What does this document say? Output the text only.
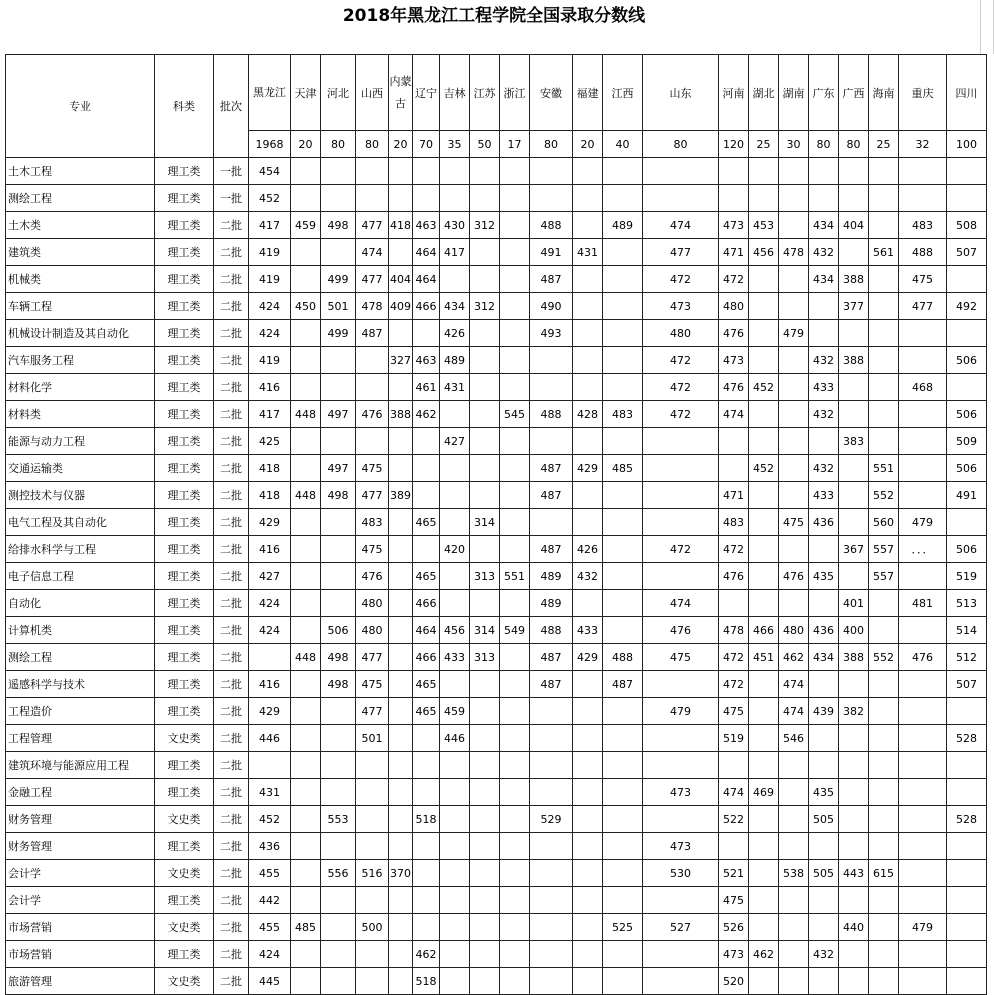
2018年黑龙江工程学院全国录取分数线
专业	科类	批次	黑龙江	天津	河北	山西	内蒙古	辽宁	吉林	江苏	浙江	安徽	福建	江西	山东	河南	湖北	湖南	广东	广西	海南	重庆	四川
			1968	20	80	80	20	70	35	50	17	80	20	40	80	120	25	30	80	80	25	32	100
土木工程	理工类	一批	454																				
测绘工程	理工类	一批	452																				
土木类	理工类	二批	417	459	498	477	418	463	430	312		488		489	474	473	453		434	404		483	508
建筑类	理工类	二批	419			474		464	417			491	431		477	471	456	478	432		561	488	507
机械类	理工类	二批	419		499	477	404	464				487			472	472			434	388		475	
车辆工程	理工类	二批	424	450	501	478	409	466	434	312		490			473	480				377		477	492
机械设计制造及其自动化	理工类	二批	424		499	487			426			493			480	476		479					
汽车服务工程	理工类	二批	419				327	463	489						472	473			432	388			506
材料化学	理工类	二批	416					461	431						472	476	452		433			468	
材料类	理工类	二批	417	448	497	476	388	462			545	488	428	483	472	474			432				506
能源与动力工程	理工类	二批	425						427											383			509
交通运输类	理工类	二批	418		497	475						487	429	485			452		432		551		506
测控技术与仪器	理工类	二批	418	448	498	477	389					487				471			433		552		491
电气工程及其自动化	理工类	二批	429			483		465		314						483		475	436		560	479	
给排水科学与工程	理工类	二批	416			475			420			487	426		472	472				367	557	．．．	506
电子信息工程	理工类	二批	427			476		465		313	551	489	432			476		476	435		557		519
自动化	理工类	二批	424			480		466				489			474					401		481	513
计算机类	理工类	二批	424		506	480		464	456	314	549	488	433		476	478	466	480	436	400			514
测绘工程	理工类	二批		448	498	477		466	433	313		487	429	488	475	472	451	462	434	388	552	476	512
遥感科学与技术	理工类	二批	416		498	475		465				487		487		472		474					507
工程造价	理工类	二批	429			477		465	459						479	475		474	439	382			
工程管理	文史类	二批	446			501			446							519		546					528
建筑环境与能源应用工程	理工类	二批																					
金融工程	理工类	二批	431												473	474	469		435				
财务管理	文史类	二批	452		553			518				529				522			505				528
财务管理	理工类	二批	436												473								
会计学	文史类	二批	455		556	516	370								530	521		538	505	443	615		
会计学	理工类	二批	442													475							
市场营销	文史类	二批	455	485		500								525	527	526				440		479	
市场营销	理工类	二批	424					462								473	462		432				
旅游管理	文史类	二批	445					518								520							
